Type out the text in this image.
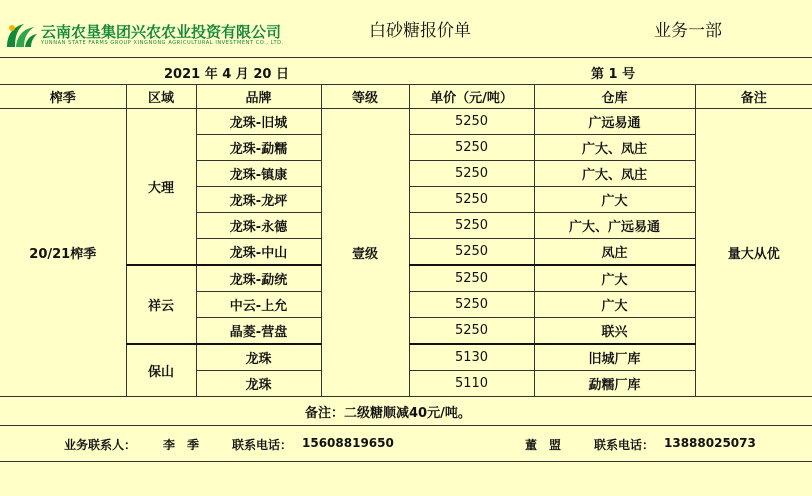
云南农垦集团兴农农业投资有限公司
YUNNAN STATE FARMS GROUP XINGNONG AGRICULTURAL INVESTMENT CO., LTD.
白砂糖报价单	业务一部
2021 年 4 月 20 日	第 1 号
榨季	区域	品牌	等级	单价（元/吨）	仓库	备注
20/21榨季	大理	龙珠-旧城	壹级	5250	广远易通	量大从优
		龙珠-勐糯		5250	广大、凤庄	
		龙珠-镇康		5250	广大、凤庄	
		龙珠-龙坪		5250	广大	
		龙珠-永德		5250	广大、广远易通	
		龙珠-中山		5250	凤庄	
	祥云	龙珠-勐统		5250	广大	
		中云-上允		5250	广大	
		晶菱-营盘		5250	联兴	
	保山	龙珠		5130	旧城厂库	
		龙珠		5110	勐糯厂库	
备注：二级糖顺减40元/吨。
业务联系人： 李　季	联系电话： 15608819650	董　盟	联系电话： 13888025073
